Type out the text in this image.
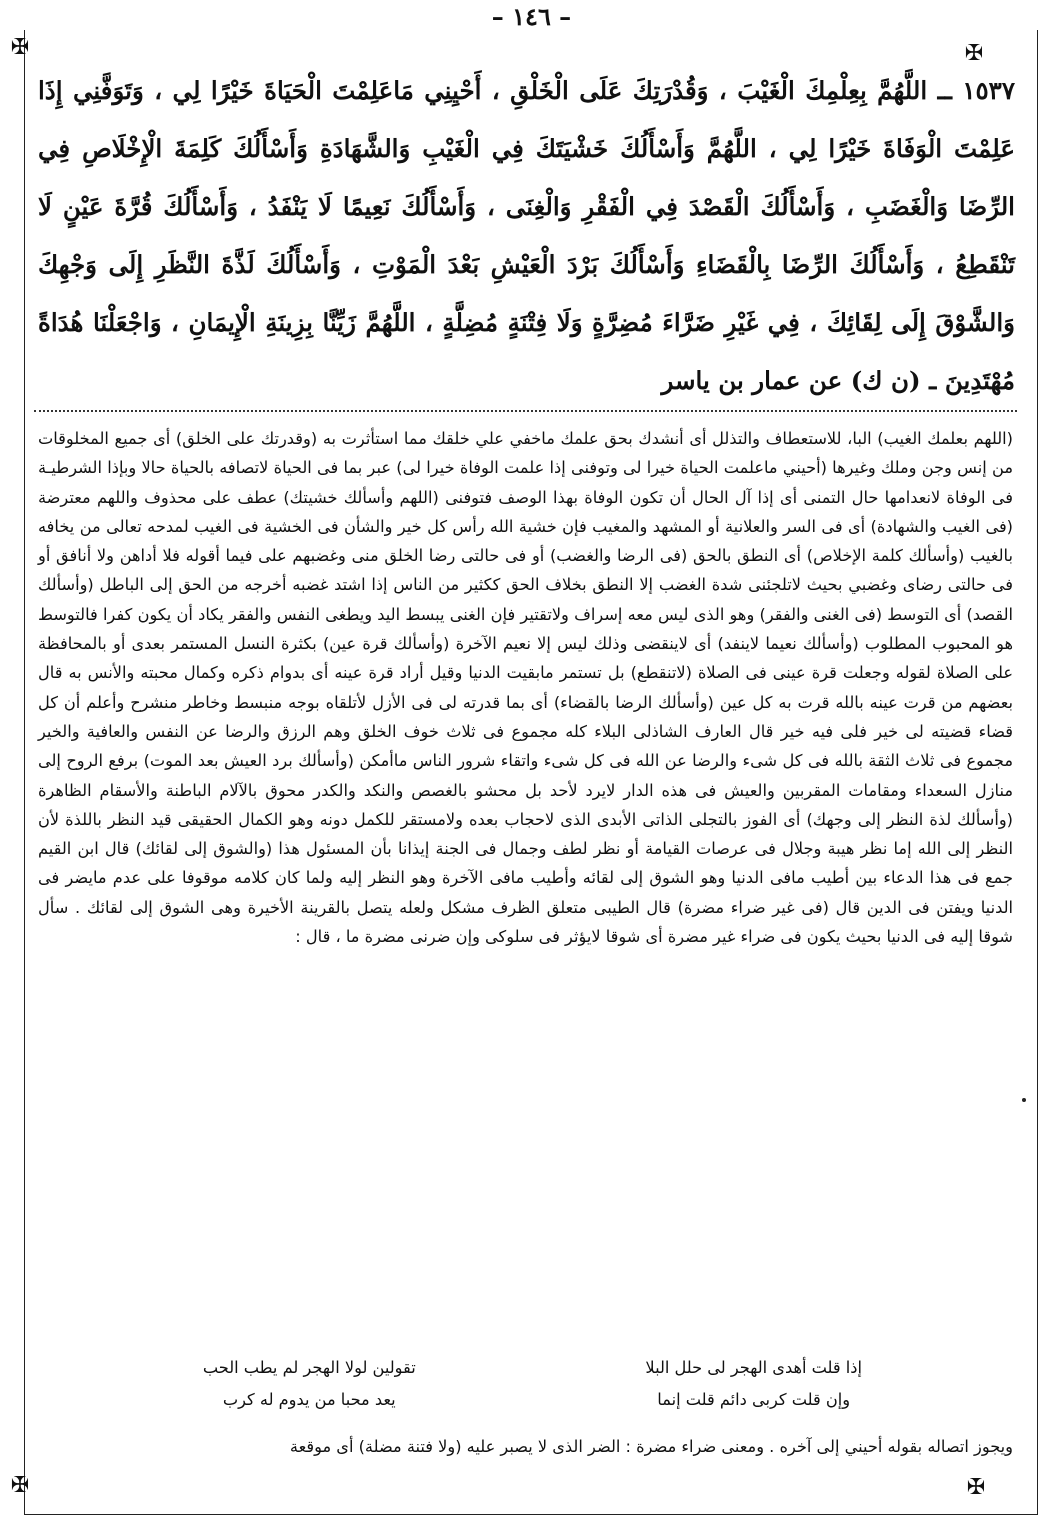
✠	✠
✠	✠
– ١٤٦ –
١٥٣٧ ــ اللَّهُمَّ بِعِلْمِكَ الْغَيْبَ ، وَقُدْرَتِكَ عَلَى الْخَلْقِ ، أَحْيِنِي مَاعَلِمْتَ الْحَيَاةَ خَيْرًا لِي ، وَتَوَفَّنِي إِذَا عَلِمْتَ الْوَفَاةَ خَيْرًا لِي ، اللَّهُمَّ وَأَسْأَلُكَ خَشْيَتَكَ فِي الْغَيْبِ وَالشَّهَادَةِ وَأَسْأَلُكَ كَلِمَةَ الْإِخْلَاصِ فِي الرِّضَا وَالْغَضَبِ ، وَأَسْأَلُكَ الْقَصْدَ فِي الْفَقْرِ وَالْغِنَى ، وَأَسْأَلُكَ نَعِيمًا لَا يَنْفَدُ ، وَأَسْأَلُكَ قُرَّةَ عَيْنٍ لَا تَنْقَطِعُ ، وَأَسْأَلُكَ الرِّضَا بِالْقَضَاءِ وَأَسْأَلُكَ بَرْدَ الْعَيْشِ بَعْدَ الْمَوْتِ ، وَأَسْأَلُكَ لَذَّةَ النَّظَرِ إِلَى وَجْهِكَ وَالشَّوْقَ إِلَى لِقَائِكَ ، فِي غَيْرِ ضَرَّاءَ مُضِرَّةٍ وَلَا فِتْنَةٍ مُضِلَّةٍ ، اللَّهُمَّ زَيِّنَّا بِزِينَةِ الْإِيمَانِ ، وَاجْعَلْنَا هُدَاةً مُهْتَدِينَ ـ (ن ك) عن عمار بن ياسر
(اللهم بعلمك الغيب) البا، للاستعطاف والتذلل أى أنشدك بحق علمك ماخفي علي خلقك مما استأثرت به (وقدرتك على الخلق) أى جميع المخلوقات من إنس وجن وملك وغيرها (أحيني ماعلمت الحياة خيرا لى وتوفنى إذا علمت الوفاة خيرا لى) عبر بما فى الحياة لاتصافه بالحياة حالا وبإذا الشرطيـة فى الوفاة لانعدامها حال التمنى أى إذا آل الحال أن تكون الوفاة بهذا الوصف فتوفنى (اللهم وأسألك خشيتك) عطف على محذوف واللهم معترضة (فى الغيب والشهادة) أى فى السر والعلانية أو المشهد والمغيب فإن خشية الله رأس كل خير والشأن فى الخشية فى الغيب لمدحه تعالى من يخافه بالغيب (وأسألك كلمة الإخلاص) أى النطق بالحق (فى الرضا والغضب) أو فى حالتى رضا الخلق منى وغضبهم على فيما أقوله فلا أداهن ولا أنافق أو فى حالتى رضاى وغضبي بحيث لاتلجئنى شدة الغضب إلا النطق بخلاف الحق ككثير من الناس إذا اشتد غضبه أخرجه من الحق إلى الباطل (وأسألك القصد) أى التوسط (فى الغنى والفقر) وهو الذى ليس معه إسراف ولاتقتير فإن الغنى يبسط اليد ويطغى النفس والفقر يكاد أن يكون كفرا فالتوسط هو المحبوب المطلوب (وأسألك نعيما لاينفد) أى لاينقضى وذلك ليس إلا نعيم الآخرة (وأسألك قرة عين) بكثرة النسل المستمر بعدى أو بالمحافظة على الصلاة لقوله وجعلت قرة عينى فى الصلاة (لاتنقطع) بل تستمر مابقيت الدنيا وقيل أراد قرة عينه أى بدوام ذكره وكمال محبته والأنس به قال بعضهم من قرت عينه بالله قرت به كل عين (وأسألك الرضا بالقضاء) أى بما قدرته لى فى الأزل لأتلقاه بوجه منبسط وخاطر منشرح وأعلم أن كل قضاء قضيته لى خير فلى فيه خير قال العارف الشاذلى البلاء كله مجموع فى ثلاث خوف الخلق وهم الرزق والرضا عن النفس والعافية والخير مجموع فى ثلاث الثقة بالله فى كل شىء والرضا عن الله فى كل شىء واتقاء شرور الناس ماأمكن (وأسألك برد العيش بعد الموت) برفع الروح إلى منازل السعداء ومقامات المقربين والعيش فى هذه الدار لايرد لأحد بل محشو بالغصص والنكد والكدر محوق بالآلام الباطنة والأسقام الظاهرة (وأسألك لذة النظر إلى وجهك) أى الفوز بالتجلى الذاتى الأبدى الذى لاحجاب بعده ولامستقر للكمل دونه وهو الكمال الحقيقى قيد النظر باللذة لأن النظر إلى الله إما نظر هيبة وجلال فى عرصات القيامة أو نظر لطف وجمال فى الجنة إيذانا بأن المسئول هذا (والشوق إلى لقائك) قال ابن القيم جمع فى هذا الدعاء بين أطيب مافى الدنيا وهو الشوق إلى لقائه وأطيب مافى الآخرة وهو النظر إليه ولما كان كلامه موقوفا على عدم مايضر فى الدنيا ويفتن فى الدين قال (فى غير ضراء مضرة) قال الطيبى متعلق الظرف مشكل ولعله يتصل بالقرينة الأخيرة وهى الشوق إلى لقائك . سأل شوقا إليه فى الدنيا بحيث يكون فى ضراء غير مضرة أى شوقا لايؤثر فى سلوكى وإن ضرنى مضرة ما ، قال :
إذا قلت أهدى الهجر لى حلل البلا
تقولين لولا الهجر لم يطب الحب
وإن قلت كربى دائم قلت إنما
يعد محبا من يدوم له كرب
ويجوز اتصاله بقوله أحيني إلى آخره . ومعنى ضراء مضرة : الضر الذى لا يصبر عليه (ولا فتنة مضلة) أى موقعة
